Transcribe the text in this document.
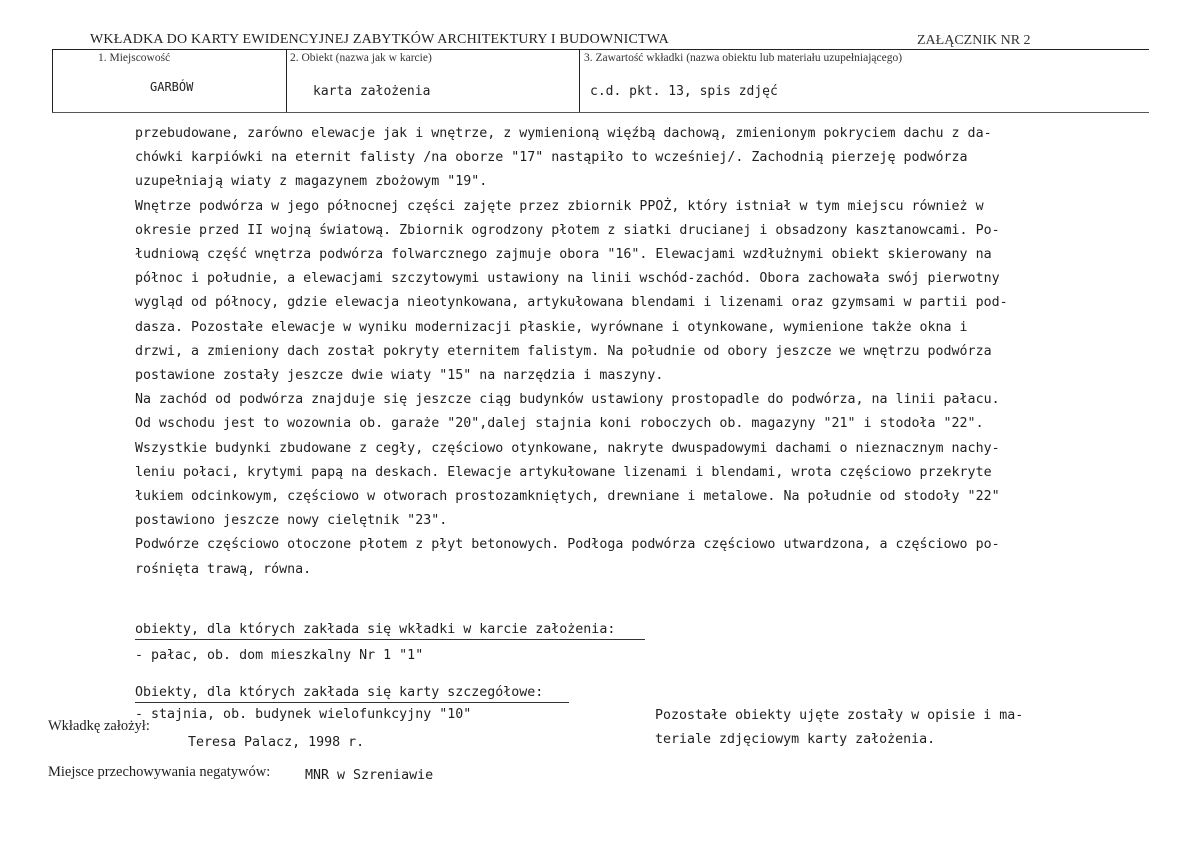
WKŁADKA DO KARTY EWIDENCYJNEJ ZABYTKÓW ARCHITEKTURY I BUDOWNICTWA	ZAŁĄCZNIK NR 2
1. Miejscowość	2. Obiekt (nazwa jak w karcie)	3. Zawartość wkładki (nazwa obiektu lub materiału uzupełniającego)
GARBÓW	karta założenia	c.d. pkt. 13, spis zdjęć

przebudowane, zarówno elewacje jak i wnętrze, z wymienioną więźbą dachową, zmienionym pokryciem dachu z da-

chówki karpiówki na eternit falisty /na oborze "17" nastąpiło to wcześniej/. Zachodnią pierzeję podwórza

uzupełniają wiaty z magazynem zbożowym "19".

Wnętrze podwórza w jego północnej części zajęte przez zbiornik PPOŻ, który istniał w tym miejscu również w

okresie przed II wojną światową. Zbiornik ogrodzony płotem z siatki drucianej i obsadzony kasztanowcami. Po-

łudniową część wnętrza podwórza folwarcznego zajmuje obora "16". Elewacjami wzdłużnymi obiekt skierowany na

północ i południe, a elewacjami szczytowymi ustawiony na linii wschód-zachód. Obora zachowała swój pierwotny

wygląd od północy, gdzie elewacja nieotynkowana, artykułowana blendami i lizenami oraz gzymsami w partii pod-

dasza. Pozostałe elewacje w wyniku modernizacji płaskie, wyrównane i otynkowane, wymienione także okna i

drzwi, a zmieniony dach został pokryty eternitem falistym. Na południe od obory jeszcze we wnętrzu podwórza

postawione zostały jeszcze dwie wiaty "15" na narzędzia i maszyny.

Na zachód od podwórza znajduje się jeszcze ciąg budynków ustawiony prostopadle do podwórza, na linii pałacu.

Od wschodu jest to wozownia ob. garaże "20",dalej stajnia koni roboczych ob. magazyny "21" i stodoła "22".

Wszystkie budynki zbudowane z cegły, częściowo otynkowane, nakryte dwuspadowymi dachami o nieznacznym nachy-

leniu połaci, krytymi papą na deskach. Elewacje artykułowane lizenami i blendami, wrota częściowo przekryte

łukiem odcinkowym, częściowo w otworach prostozamkniętych, drewniane i metalowe. Na południe od stodoły "22"

postawiono jeszcze nowy cielętnik "23".

Podwórze częściowo otoczone płotem z płyt betonowych. Podłoga podwórza częściowo utwardzona, a częściowo po-

rośnięta trawą, równa.

obiekty, dla których zakłada się wkładki w karcie założenia:
- pałac, ob. dom mieszkalny Nr 1 "1"
Obiekty, dla których zakłada się karty szczegółowe:
- stajnia, ob. budynek wielofunkcyjny "10"	Pozostałe obiekty ujęte zostały w opisie i ma-

teriale zdjęciowym karty założenia.

Wkładkę założył:
Teresa Palacz, 1998 r.
Miejsce przechowywania negatywów:	MNR w Szreniawie
